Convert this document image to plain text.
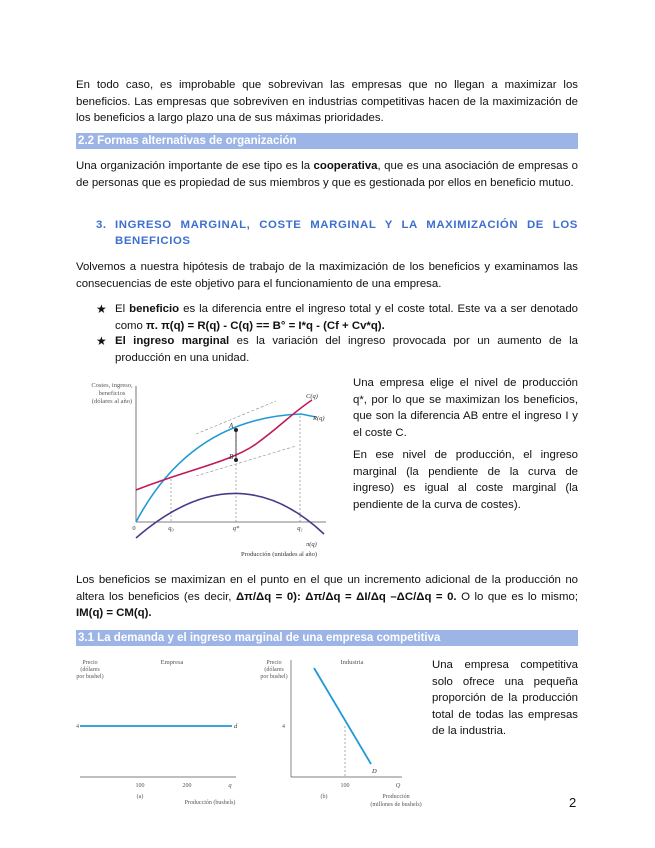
En todo caso, es improbable que sobrevivan las empresas que no llegan a maximizar los beneficios. Las empresas que sobreviven en industrias competitivas hacen de la maximización de los beneficios a largo plazo una de sus máximas prioridades.

2.2 Formas alternativas de organización

Una organización importante de ese tipo es la cooperativa, que es una asociación de empresas o de personas que es propiedad de sus miembros y que es gestionada por ellos en beneficio mutuo.

3. INGRESO MARGINAL, COSTE MARGINAL Y LA MAXIMIZACIÓN DE LOS BENEFICIOS

Volvemos a nuestra hipótesis de trabajo de la maximización de los beneficios y examinamos las consecuencias de este objetivo para el funcionamiento de una empresa.

★ El beneficio es la diferencia entre el ingreso total y el coste total. Este va a ser denotado como π. π(q) = R(q) - C(q) == B° = I*q - (Cf + Cv*q).
★ El ingreso marginal es la variación del ingreso provocada por un aumento de la producción en una unidad.
Costes, ingreso,
beneficios
(dólares al año)
A
B
C(q)
R(q)
π(q)
0	q₀	q*	q₁
Producción (unidades al año)

Una empresa elige el nivel de producción q*, por lo que se maximizan los beneficios, que son la diferencia AB entre el ingreso I y el coste C.

En ese nivel de producción, el ingreso marginal (la pendiente de la curva de ingreso) es igual al coste marginal (la pendiente de la curva de costes).

Los beneficios se maximizan en el punto en el que un incremento adicional de la producción no altera los beneficios (es decir, Δπ/Δq = 0): Δπ/Δq = ΔI/Δq –ΔC/Δq = 0. O lo que es lo mismo; IM(q) = CM(q).

3.1 La demanda y el ingreso marginal de una empresa competitiva
Precio
(dólares
por bushel)
Empresa
4	d
100	200	q
(a)
Producción (bushels)
Precio
(dólares
por bushel)
Industria
4
D
100	Q
(b)	Producción
(millones de bushels)

Una empresa competitiva solo ofrece una pequeña proporción de la producción total de todas las empresas de la industria.

2
